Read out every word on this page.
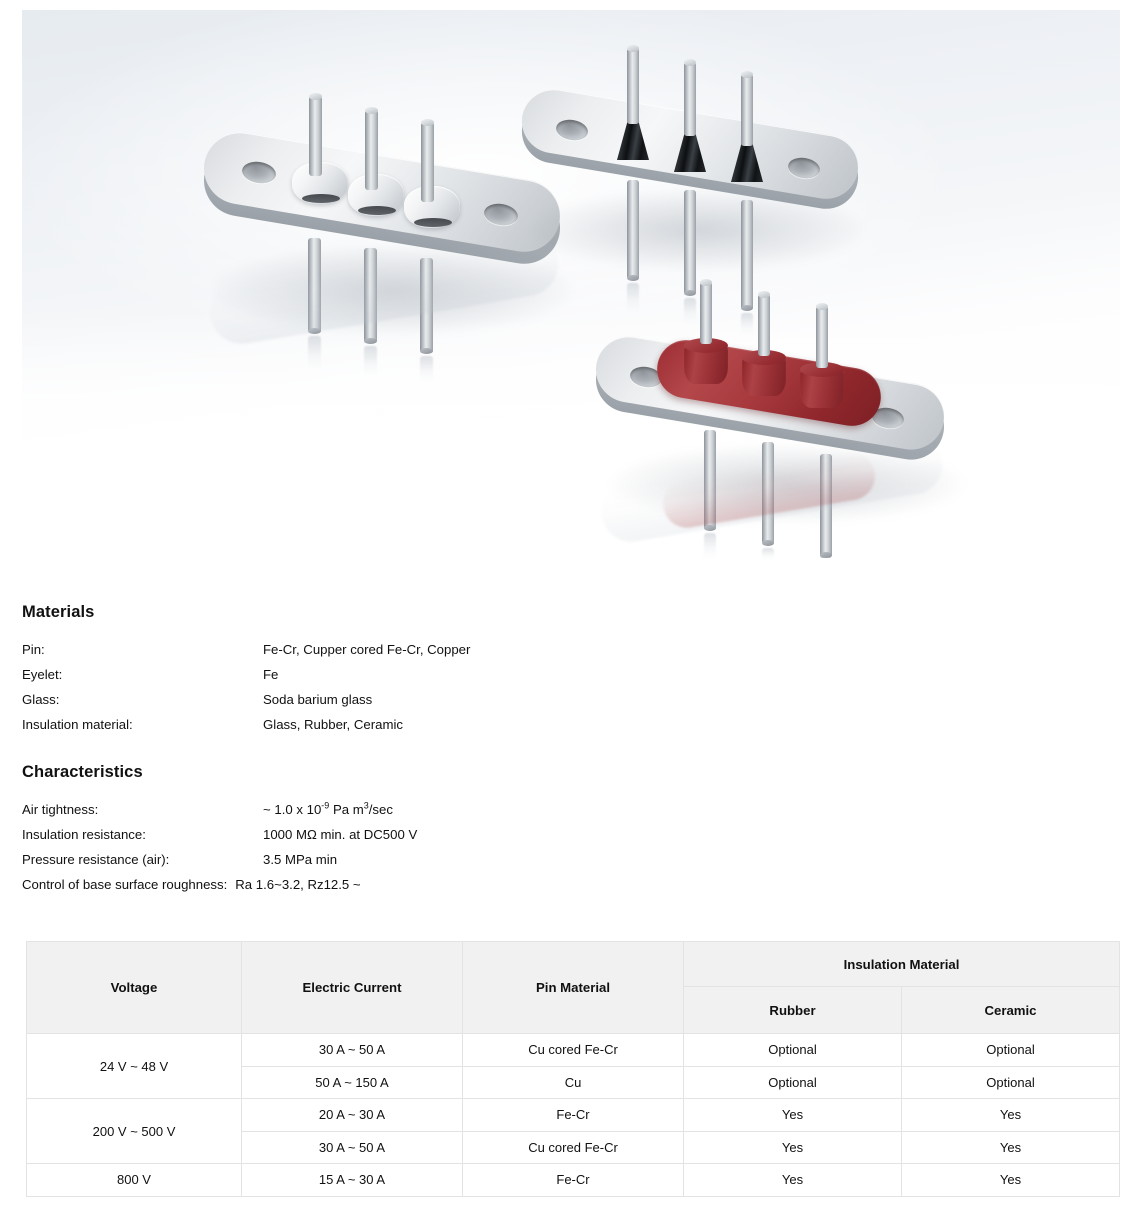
Materials
Pin:	Fe-Cr, Cupper cored Fe-Cr, Copper
Eyelet:	Fe
Glass:	Soda barium glass
Insulation material:	Glass, Rubber, Ceramic
Characteristics
Air tightness:	~ 1.0 x $10^{-9}$ Pa $m^3/\sec$
Insulation resistance:	1000 MΩ min. at DC500 V
Pressure resistance (air):	3.5 MPa min
Control of base surface roughness: Ra 1.6~3.2, Rz12.5 ~
Voltage	Electric Current	Pin Material	Insulation Material	
			Rubber	Ceramic
24 V ~ 48 V	30 A ~ 50 A	Cu cored Fe-Cr	Optional	Optional
	50 A ~ 150 A	Cu	Optional	Optional
200 V ~ 500 V	20 A ~ 30 A	Fe-Cr	Yes	Yes
	30 A ~ 50 A	Cu cored Fe-Cr	Yes	Yes
800 V	15 A ~ 30 A	Fe-Cr	Yes	Yes
